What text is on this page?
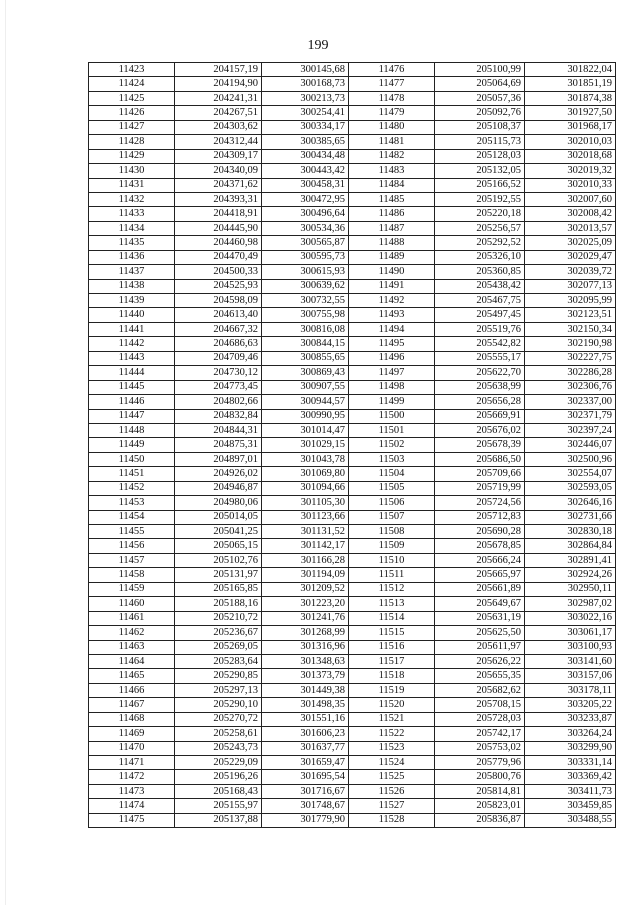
199
11423	204157,19	300145,68	11476	205100,99	301822,04
11424	204194,90	300168,73	11477	205064,69	301851,19
11425	204241,31	300213,73	11478	205057,36	301874,38
11426	204267,51	300254,41	11479	205092,76	301927,50
11427	204303,62	300334,17	11480	205108,37	301968,17
11428	204312,44	300385,65	11481	205115,73	302010,03
11429	204309,17	300434,48	11482	205128,03	302018,68
11430	204340,09	300443,42	11483	205132,05	302019,32
11431	204371,62	300458,31	11484	205166,52	302010,33
11432	204393,31	300472,95	11485	205192,55	302007,60
11433	204418,91	300496,64	11486	205220,18	302008,42
11434	204445,90	300534,36	11487	205256,57	302013,57
11435	204460,98	300565,87	11488	205292,52	302025,09
11436	204470,49	300595,73	11489	205326,10	302029,47
11437	204500,33	300615,93	11490	205360,85	302039,72
11438	204525,93	300639,62	11491	205438,42	302077,13
11439	204598,09	300732,55	11492	205467,75	302095,99
11440	204613,40	300755,98	11493	205497,45	302123,51
11441	204667,32	300816,08	11494	205519,76	302150,34
11442	204686,63	300844,15	11495	205542,82	302190,98
11443	204709,46	300855,65	11496	205555,17	302227,75
11444	204730,12	300869,43	11497	205622,70	302286,28
11445	204773,45	300907,55	11498	205638,99	302306,76
11446	204802,66	300944,57	11499	205656,28	302337,00
11447	204832,84	300990,95	11500	205669,91	302371,79
11448	204844,31	301014,47	11501	205676,02	302397,24
11449	204875,31	301029,15	11502	205678,39	302446,07
11450	204897,01	301043,78	11503	205686,50	302500,96
11451	204926,02	301069,80	11504	205709,66	302554,07
11452	204946,87	301094,66	11505	205719,99	302593,05
11453	204980,06	301105,30	11506	205724,56	302646,16
11454	205014,05	301123,66	11507	205712,83	302731,66
11455	205041,25	301131,52	11508	205690,28	302830,18
11456	205065,15	301142,17	11509	205678,85	302864,84
11457	205102,76	301166,28	11510	205666,24	302891,41
11458	205131,97	301194,09	11511	205665,97	302924,26
11459	205165,85	301209,52	11512	205661,89	302950,11
11460	205188,16	301223,20	11513	205649,67	302987,02
11461	205210,72	301241,76	11514	205631,19	303022,16
11462	205236,67	301268,99	11515	205625,50	303061,17
11463	205269,05	301316,96	11516	205611,97	303100,93
11464	205283,64	301348,63	11517	205626,22	303141,60
11465	205290,85	301373,79	11518	205655,35	303157,06
11466	205297,13	301449,38	11519	205682,62	303178,11
11467	205290,10	301498,35	11520	205708,15	303205,22
11468	205270,72	301551,16	11521	205728,03	303233,87
11469	205258,61	301606,23	11522	205742,17	303264,24
11470	205243,73	301637,77	11523	205753,02	303299,90
11471	205229,09	301659,47	11524	205779,96	303331,14
11472	205196,26	301695,54	11525	205800,76	303369,42
11473	205168,43	301716,67	11526	205814,81	303411,73
11474	205155,97	301748,67	11527	205823,01	303459,85
11475	205137,88	301779,90	11528	205836,87	303488,55
